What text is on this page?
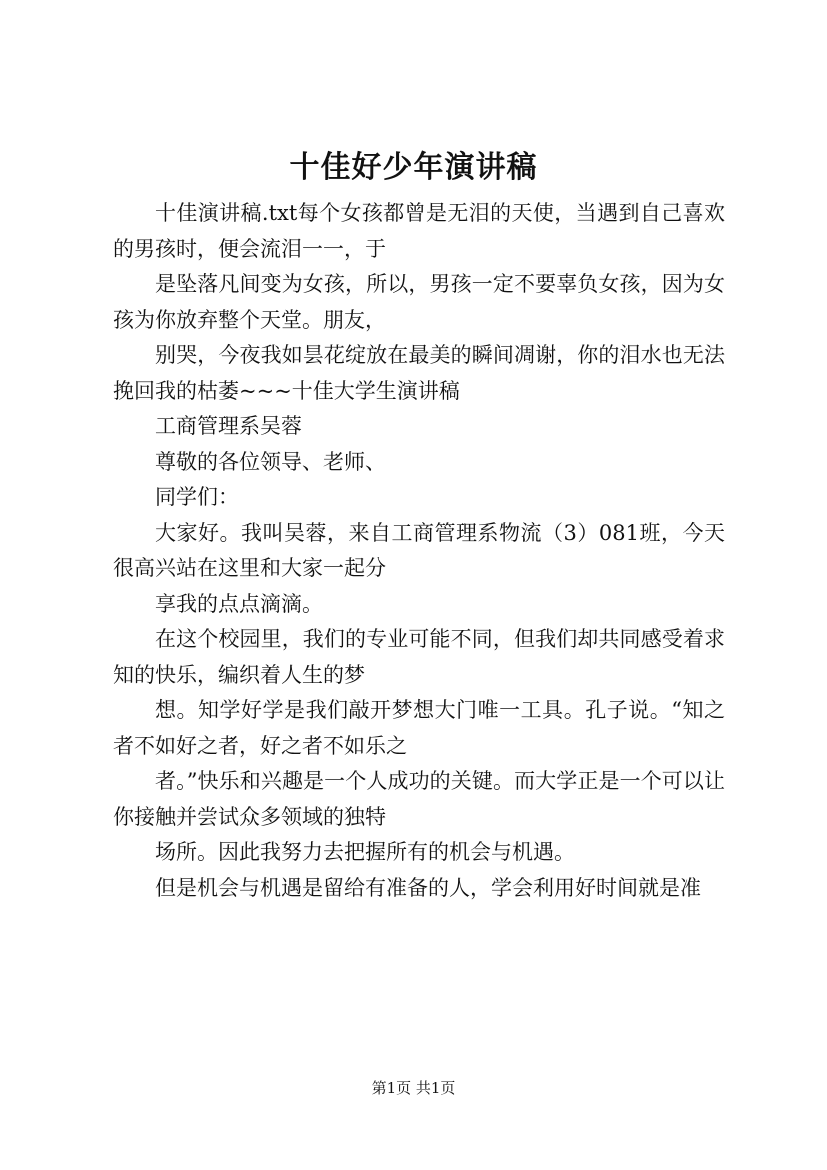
十佳好少年演讲稿

十佳演讲稿.txt每个女孩都曾是无泪的天使，当遇到自己喜欢的男孩时，便会流泪一一，于

是坠落凡间变为女孩，所以，男孩一定不要辜负女孩，因为女孩为你放弃整个天堂。朋友，

别哭，今夜我如昙花绽放在最美的瞬间凋谢，你的泪水也无法挽回我的枯萎~~~十佳大学生演讲稿

工商管理系吴蓉

尊敬的各位领导、老师、

同学们：

大家好。我叫吴蓉，来自工商管理系物流（3）081班，今天很高兴站在这里和大家一起分

享我的点点滴滴。

在这个校园里，我们的专业可能不同，但我们却共同感受着求知的快乐，编织着人生的梦

想。知学好学是我们敲开梦想大门唯一工具。孔子说。“知之者不如好之者，好之者不如乐之

者。”快乐和兴趣是一个人成功的关键。而大学正是一个可以让你接触并尝试众多领域的独特

场所。因此我努力去把握所有的机会与机遇。

但是机会与机遇是留给有准备的人，学会利用好时间就是准

第1页 共1页
